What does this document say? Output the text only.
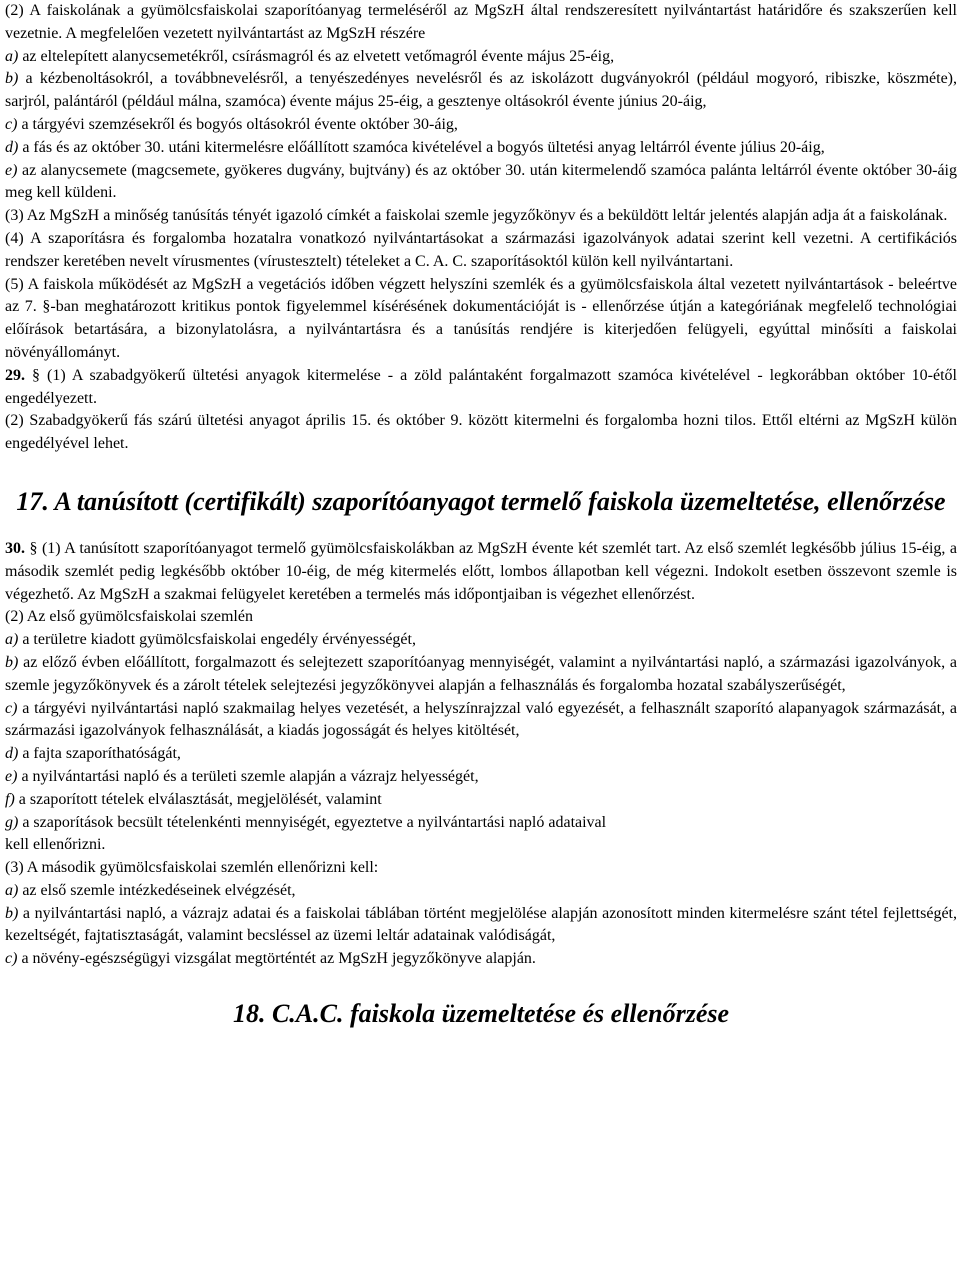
(2) A faiskolának a gyümölcsfaiskolai szaporítóanyag termeléséről az MgSzH által rendszeresített nyilvántartást határidőre és szakszerűen kell vezetnie. A megfelelően vezetett nyilvántartást az MgSzH részére

a) az eltelepített alanycsemetékről, csírásmagról és az elvetett vetőmagról évente május 25-éig,

b) a kézbenoltásokról, a továbbnevelésről, a tenyészedényes nevelésről és az iskolázott dugványokról (például mogyoró, ribiszke, köszméte), sarjról, palántáról (például málna, szamóca) évente május 25-éig, a gesztenye oltásokról évente június 20-áig,

c) a tárgyévi szemzésekről és bogyós oltásokról évente október 30-áig,

d) a fás és az október 30. utáni kitermelésre előállított szamóca kivételével a bogyós ültetési anyag leltárról évente július 20-áig,

e) az alanycsemete (magcsemete, gyökeres dugvány, bujtvány) és az október 30. után kitermelendő szamóca palánta leltárról évente október 30-áig meg kell küldeni.

(3) Az MgSzH a minőség tanúsítás tényét igazoló címkét a faiskolai szemle jegyzőkönyv és a beküldött leltár jelentés alapján adja át a faiskolának.

(4) A szaporításra és forgalomba hozatalra vonatkozó nyilvántartásokat a származási igazolványok adatai szerint kell vezetni. A certifikációs rendszer keretében nevelt vírusmentes (vírustesztelt) tételeket a C. A. C. szaporításoktól külön kell nyilvántartani.

(5) A faiskola működését az MgSzH a vegetációs időben végzett helyszíni szemlék és a gyümölcsfaiskola által vezetett nyilvántartások - beleértve az 7. §-ban meghatározott kritikus pontok figyelemmel kísérésének dokumentációját is - ellenőrzése útján a kategóriának megfelelő technológiai előírások betartására, a bizonylatolásra, a nyilvántartásra és a tanúsítás rendjére is kiterjedően felügyeli, egyúttal minősíti a faiskolai növényállományt.

29. § (1) A szabadgyökerű ültetési anyagok kitermelése - a zöld palántaként forgalmazott szamóca kivételével - legkorábban október 10-étől engedélyezett.

(2) Szabadgyökerű fás szárú ültetési anyagot április 15. és október 9. között kitermelni és forgalomba hozni tilos. Ettől eltérni az MgSzH külön engedélyével lehet.

17. A tanúsított (certifikált) szaporítóanyagot termelő faiskola üzemeltetése, ellenőrzése

30. § (1) A tanúsított szaporítóanyagot termelő gyümölcsfaiskolákban az MgSzH évente két szemlét tart. Az első szemlét legkésőbb július 15-éig, a második szemlét pedig legkésőbb október 10-éig, de még kitermelés előtt, lombos állapotban kell végezni. Indokolt esetben összevont szemle is végezhető. Az MgSzH a szakmai felügyelet keretében a termelés más időpontjaiban is végezhet ellenőrzést.

(2) Az első gyümölcsfaiskolai szemlén

a) a területre kiadott gyümölcsfaiskolai engedély érvényességét,

b) az előző évben előállított, forgalmazott és selejtezett szaporítóanyag mennyiségét, valamint a nyilvántartási napló, a származási igazolványok, a szemle jegyzőkönyvek és a zárolt tételek selejtezési jegyzőkönyvei alapján a felhasználás és forgalomba hozatal szabályszerűségét,

c) a tárgyévi nyilvántartási napló szakmailag helyes vezetését, a helyszínrajzzal való egyezését, a felhasznált szaporító alapanyagok származását, a származási igazolványok felhasználását, a kiadás jogosságát és helyes kitöltését,

d) a fajta szaporíthatóságát,

e) a nyilvántartási napló és a területi szemle alapján a vázrajz helyességét,

f) a szaporított tételek elválasztását, megjelölését, valamint

g) a szaporítások becsült tételenkénti mennyiségét, egyeztetve a nyilvántartási napló adataival

kell ellenőrizni.

(3) A második gyümölcsfaiskolai szemlén ellenőrizni kell:

a) az első szemle intézkedéseinek elvégzését,

b) a nyilvántartási napló, a vázrajz adatai és a faiskolai táblában történt megjelölése alapján azonosított minden kitermelésre szánt tétel fejlettségét, kezeltségét, fajtatisztaságát, valamint becsléssel az üzemi leltár adatainak valódiságát,

c) a növény-egészségügyi vizsgálat megtörténtét az MgSzH jegyzőkönyve alapján.

18. C.A.C. faiskola üzemeltetése és ellenőrzése
